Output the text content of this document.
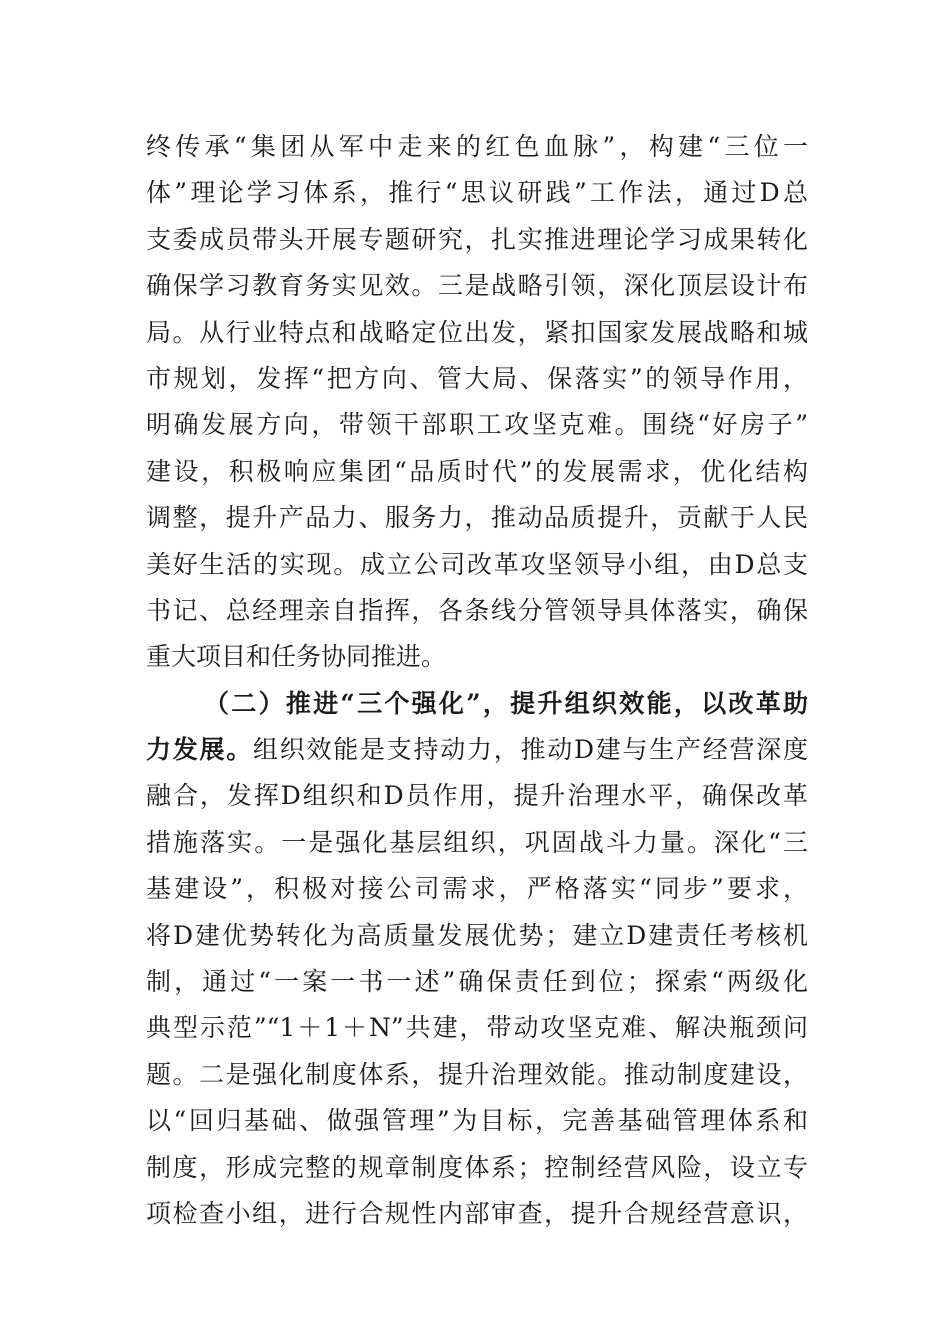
终传承“集团从军中走来的红色血脉”，构建“三位一
体”理论学习体系，推行“思议研践”工作法，通过D总
支委成员带头开展专题研究，扎实推进理论学习成果转化
确保学习教育务实见效。三是战略引领，深化顶层设计布
局。从行业特点和战略定位出发，紧扣国家发展战略和城
市规划，发挥“把方向、管大局、保落实”的领导作用，
明确发展方向，带领干部职工攻坚克难。围绕“好房子”
建设，积极响应集团“品质时代”的发展需求，优化结构
调整，提升产品力、服务力，推动品质提升，贡献于人民
美好生活的实现。成立公司改革攻坚领导小组，由D总支
书记、总经理亲自指挥，各条线分管领导具体落实，确保
重大项目和任务协同推进。
（二）推进“三个强化”，提升组织效能，以改革助
力发展。组织效能是支持动力，推动D建与生产经营深度
融合，发挥D组织和D员作用，提升治理水平，确保改革
措施落实。一是强化基层组织，巩固战斗力量。深化“三
基建设”，积极对接公司需求，严格落实“同步”要求，
将D建优势转化为高质量发展优势；建立D建责任考核机
制，通过“一案一书一述”确保责任到位；探索“两级化
典型示范”“1＋1＋N”共建，带动攻坚克难、解决瓶颈问
题。二是强化制度体系，提升治理效能。推动制度建设，
以“回归基础、做强管理”为目标，完善基础管理体系和
制度，形成完整的规章制度体系；控制经营风险，设立专
项检查小组，进行合规性内部审查，提升合规经营意识，
